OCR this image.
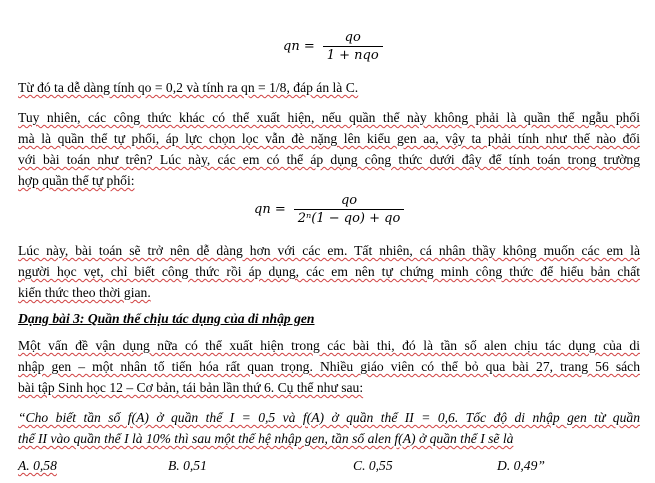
qn = $\frac{qo}{\text{1 + nqo}}$
Từ đó ta dễ dàng tính qo = 0,2 và tính ra qn = 1/8, đáp án là C.
Tuy nhiên, các công thức khác có thể xuất hiện, nếu quần thể này không phải là quần thể ngẫu phối
mà là quần thể tự phối, áp lực chọn lọc vẫn đè nặng lên kiểu gen aa, vậy ta phải tính như thế nào đối
với bài toán như trên? Lúc này, các em có thể áp dụng công thức dưới đây để tính toán trong trường
hợp quần thể tự phối:
qn = $\frac{qo}{\text{2ⁿ(1 − qo) + qo}}$
Lúc này, bài toán sẽ trở nên dễ dàng hơn với các em. Tất nhiên, cá nhân thầy không muốn các em là
người học vẹt, chỉ biết công thức rồi áp dụng, các em nên tự chứng minh công thức để hiểu bản chất
kiến thức theo thời gian.
Dạng bài 3: Quần thể chịu tác dụng của di nhập gen
Một vấn đề vận dụng nữa có thể xuất hiện trong các bài thi, đó là tần số alen chịu tác dụng của di
nhập gen – một nhân tố tiến hóa rất quan trọng. Nhiều giáo viên có thể bỏ qua bài 27, trang 56 sách
bài tập Sinh học 12 – Cơ bản, tái bản lần thứ 6. Cụ thể như sau:
“Cho biết tần số f(A) ở quần thể I = 0,5 và f(A) ở quần thể II = 0,6. Tốc độ di nhập gen từ quần
thể II vào quần thể I là 10% thì sau một thế hệ nhập gen, tần số alen f(A) ở quần thể I sẽ là
A. 0,58	B. 0,51	C. 0,55	D. 0,49”
